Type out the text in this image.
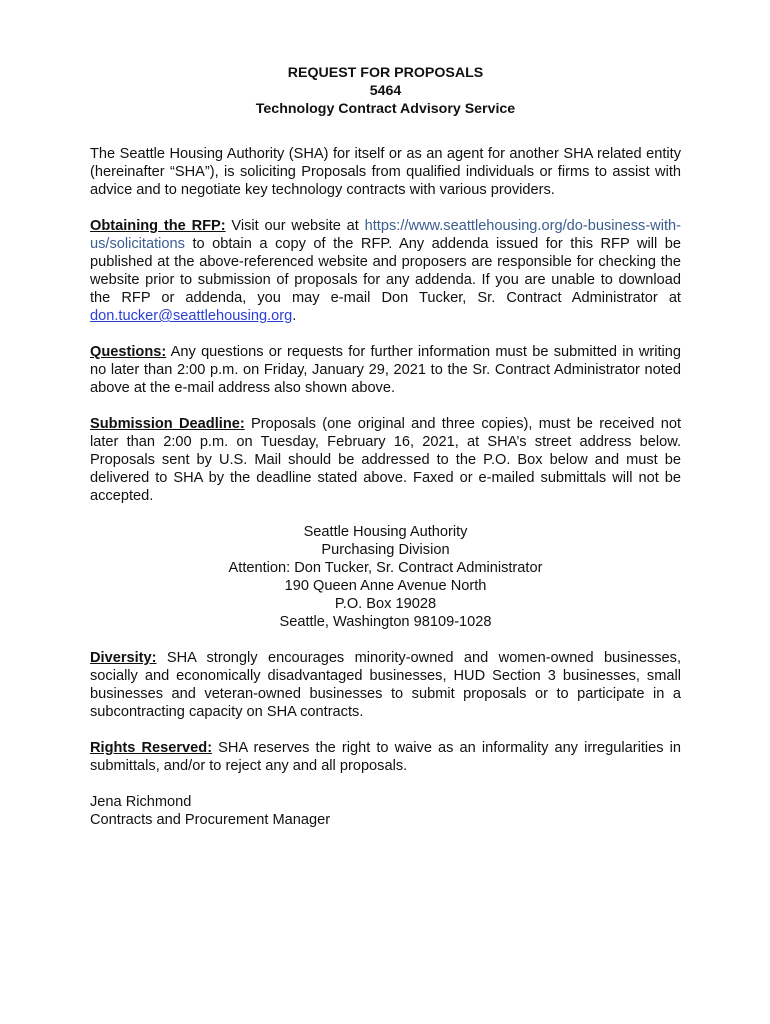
REQUEST FOR PROPOSALS
5464
Technology Contract Advisory Service

The Seattle Housing Authority (SHA) for itself or as an agent for another SHA related entity (hereinafter “SHA”), is soliciting Proposals from qualified individuals or firms to assist with advice and to negotiate key technology contracts with various providers.

Obtaining the RFP: Visit our website at https://www.seattlehousing.org/do-business-with-us/solicitations to obtain a copy of the RFP. Any addenda issued for this RFP will be published at the above-referenced website and proposers are responsible for checking the website prior to submission of proposals for any addenda. If you are unable to download the RFP or addenda, you may e-mail Don Tucker, Sr. Contract Administrator at don.tucker@seattlehousing.org.

Questions: Any questions or requests for further information must be submitted in writing no later than 2:00 p.m. on Friday, January 29, 2021 to the Sr. Contract Administrator noted above at the e-mail address also shown above.

Submission Deadline: Proposals (one original and three copies), must be received not later than 2:00 p.m. on Tuesday, February 16, 2021, at SHA’s street address below. Proposals sent by U.S. Mail should be addressed to the P.O. Box below and must be delivered to SHA by the deadline stated above. Faxed or e-mailed submittals will not be accepted.

Seattle Housing Authority
Purchasing Division
Attention: Don Tucker, Sr. Contract Administrator
190 Queen Anne Avenue North
P.O. Box 19028
Seattle, Washington 98109-1028

Diversity: SHA strongly encourages minority-owned and women-owned businesses, socially and economically disadvantaged businesses, HUD Section 3 businesses, small businesses and veteran-owned businesses to submit proposals or to participate in a subcontracting capacity on SHA contracts.

Rights Reserved: SHA reserves the right to waive as an informality any irregularities in submittals, and/or to reject any and all proposals.

Jena Richmond
Contracts and Procurement Manager
